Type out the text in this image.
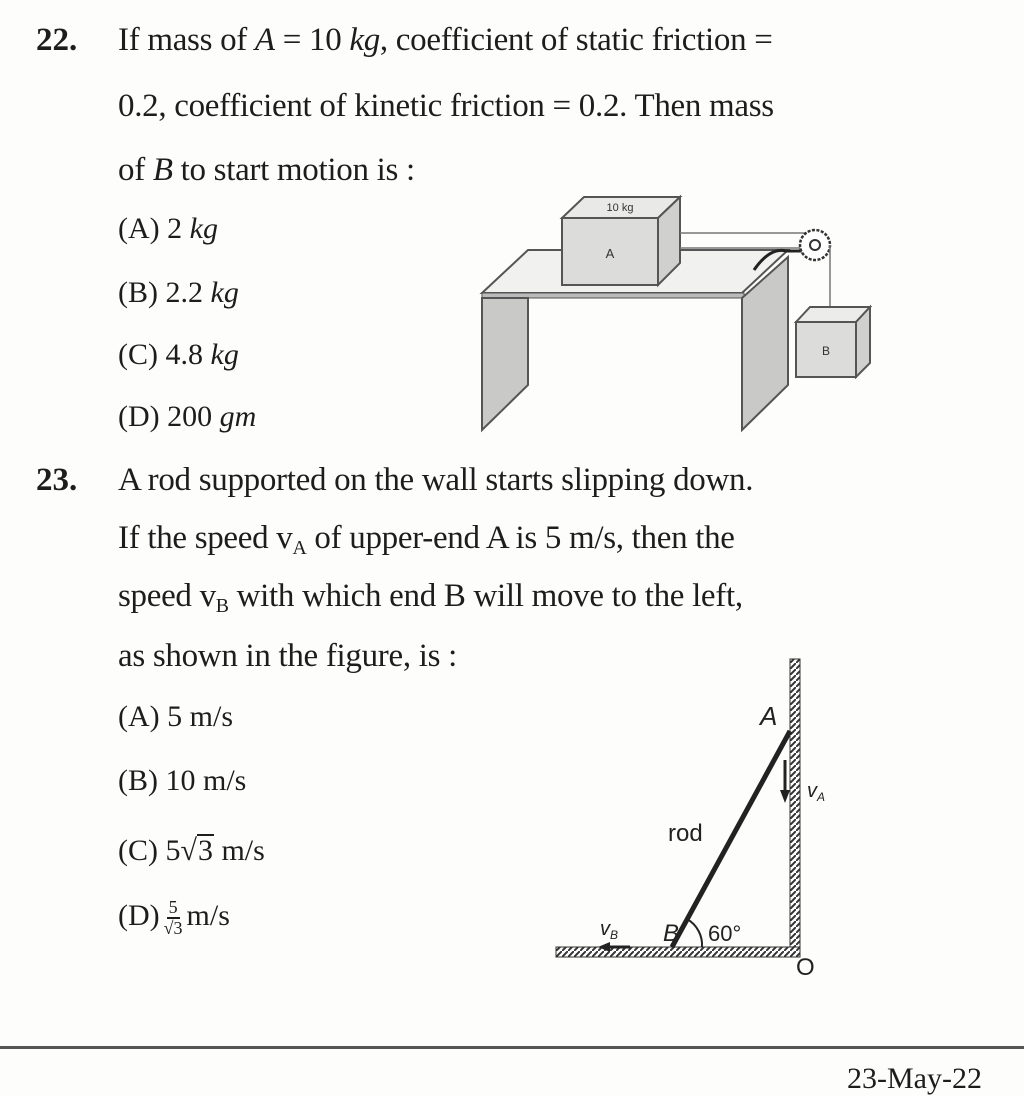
22. If mass of A = 10 kg, coefficient of static friction =
0.2, coefficient of kinetic friction = 0.2. Then mass
of B to start motion is :
(A) 2 kg
(B) 2.2 kg
(C) 4.8 kg
(D) 200 gm
A
10 kg
B
23. A rod supported on the wall starts slipping down.
If the speed $v_A$ of upper-end A is 5 m/s, then the
speed $v_B$ with which end B will move to the left,
as shown in the figure, is :
(A) 5 m/s
(B) 10 m/s
(C) 5√3 m/s
$(D) \frac{5}{√3} m/s$
A
B
O
rod
60°
$v_A$
$v_B$
23-May-22
